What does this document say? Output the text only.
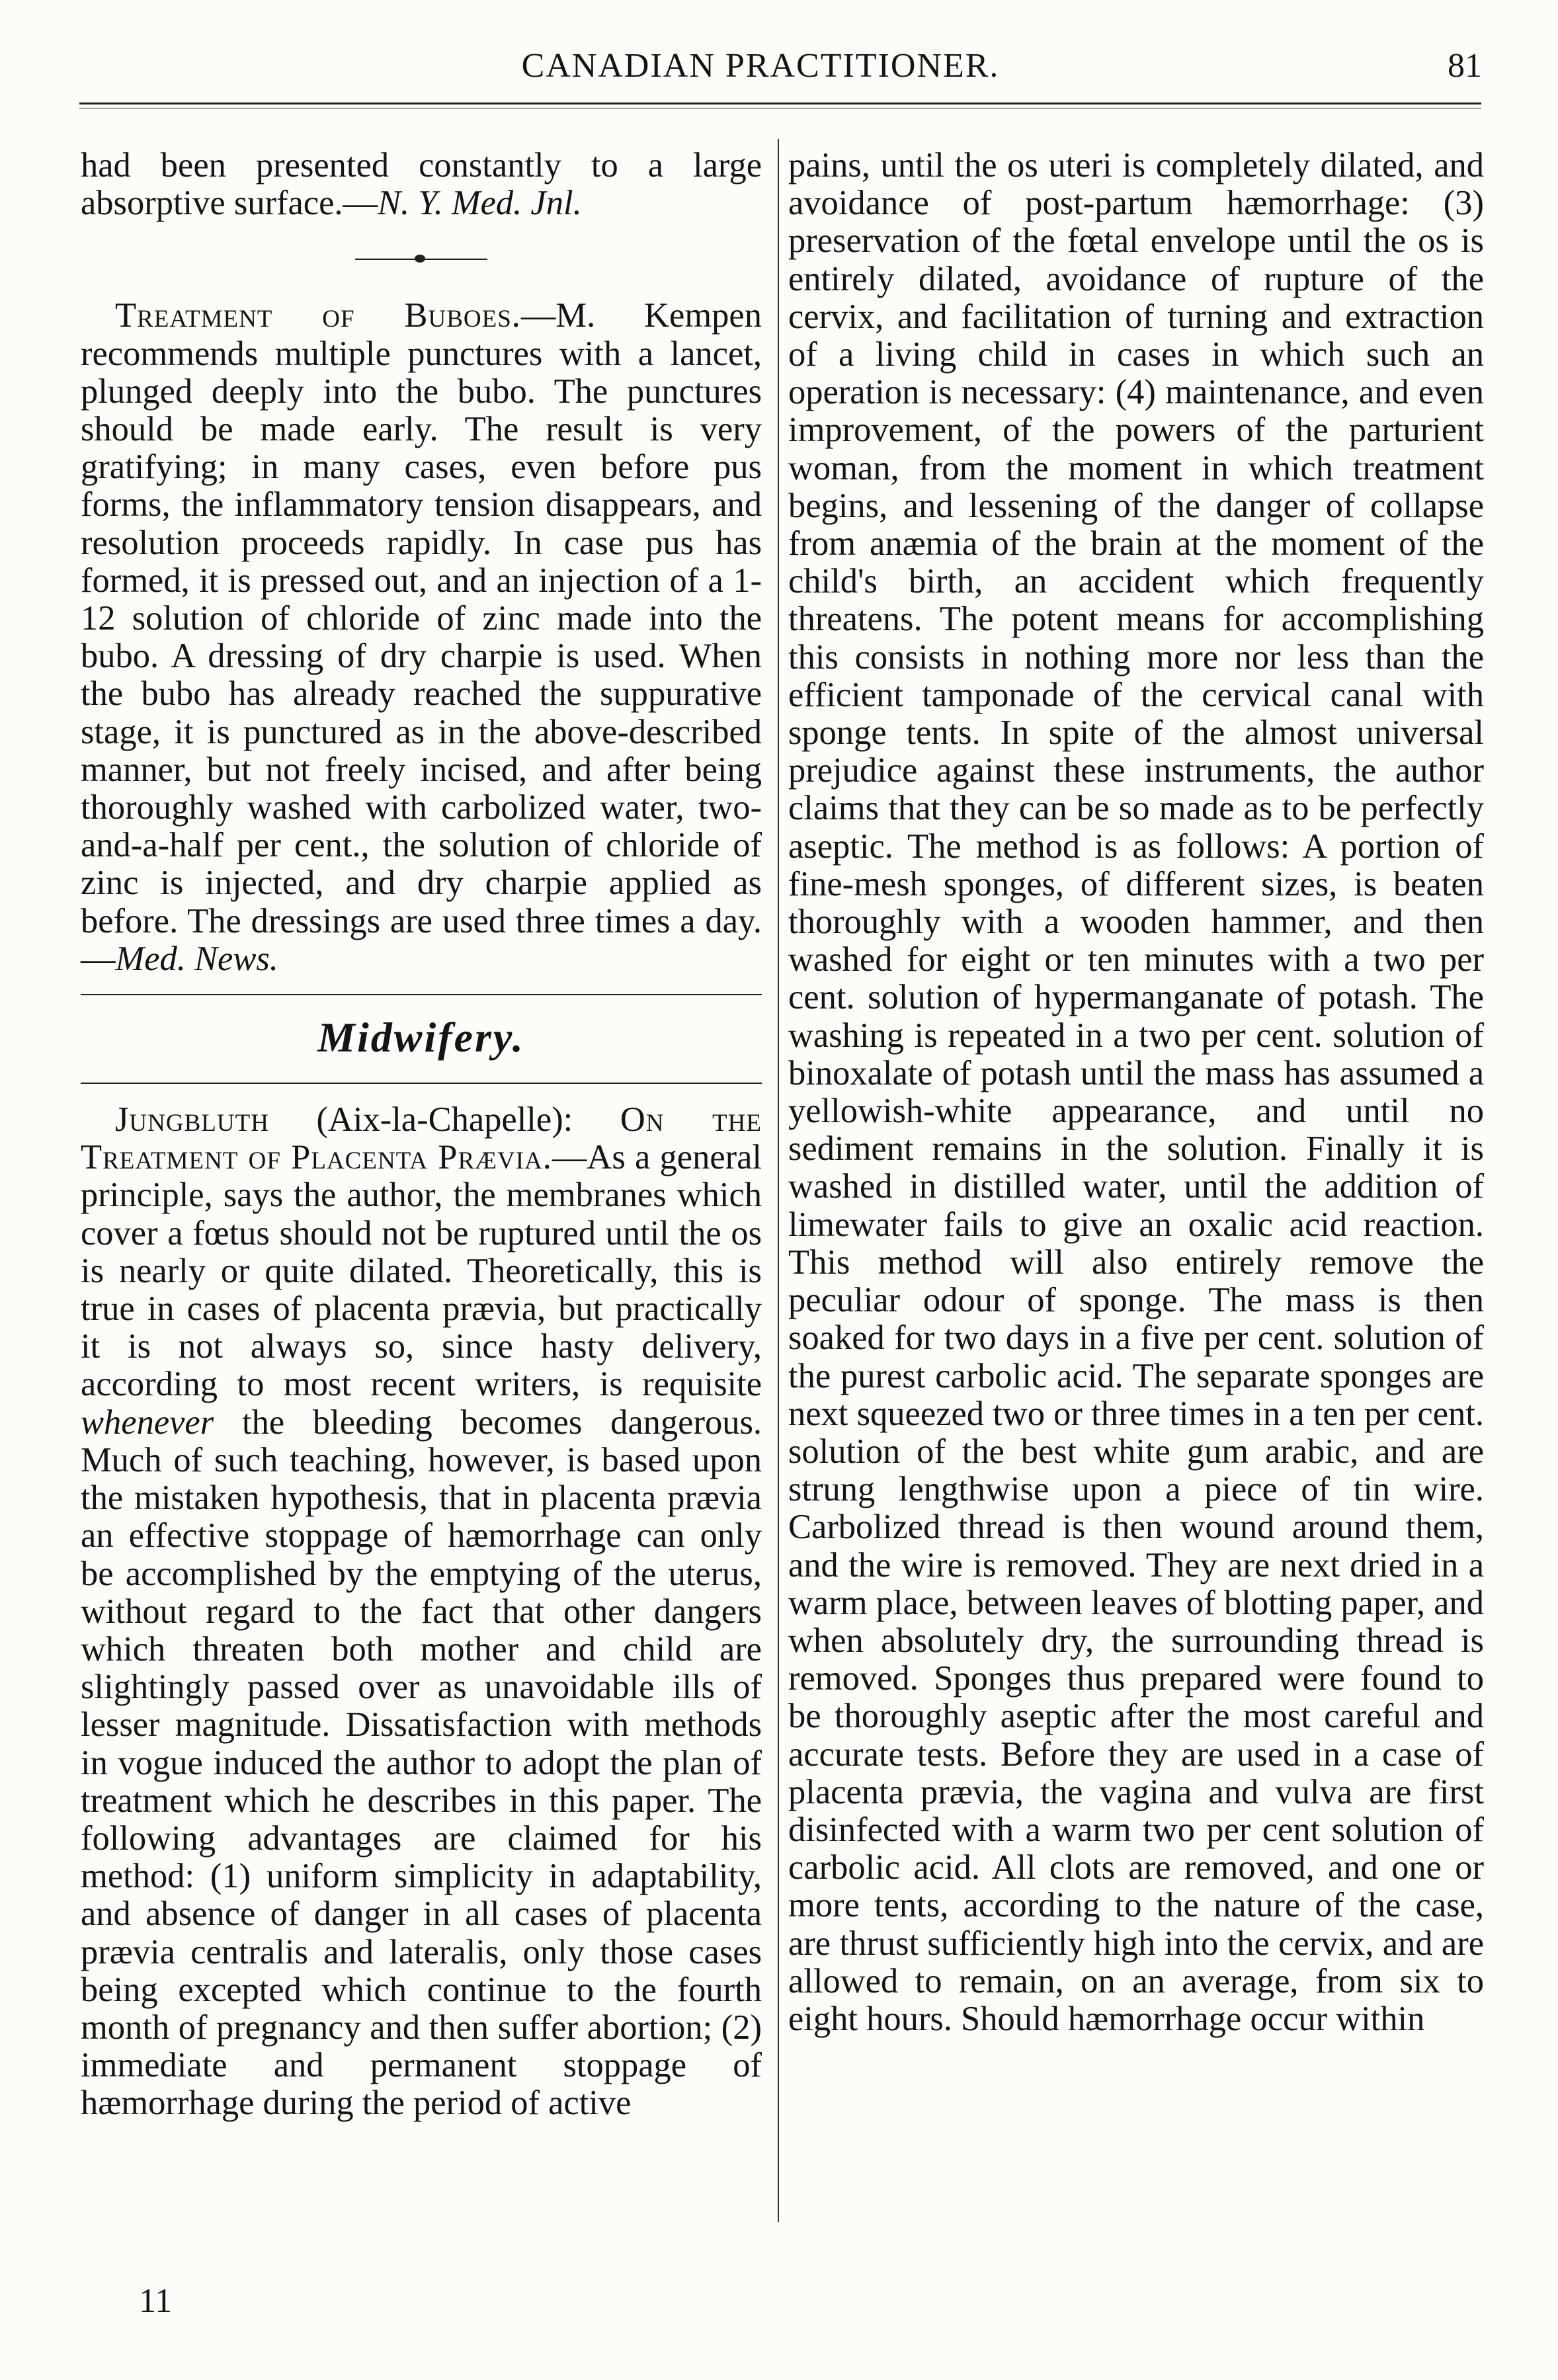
CANADIAN PRACTITIONER.	81

had been presented constantly to a large absorptive surface.—N. Y. Med. Jnl.

Treatment of Buboes.—M. Kempen recommends multiple punctures with a lancet, plunged deeply into the bubo. The punctures should be made early. The result is very gratifying; in many cases, even before pus forms, the inflammatory tension disappears, and resolution proceeds rapidly. In case pus has formed, it is pressed out, and an injection of a 1-12 solution of chloride of zinc made into the bubo. A dressing of dry charpie is used. When the bubo has already reached the suppurative stage, it is punctured as in the above-described manner, but not freely incised, and after being thoroughly washed with carbolized water, two-and-a-half per cent., the solution of chloride of zinc is injected, and dry charpie applied as before. The dressings are used three times a day.—Med. News.

Midwifery.

Jungbluth (Aix-la-Chapelle): On the Treatment of Placenta Prævia.—As a general principle, says the author, the membranes which cover a fœtus should not be ruptured until the os is nearly or quite dilated. Theoretically, this is true in cases of placenta prævia, but practically it is not always so, since hasty delivery, according to most recent writers, is requisite whenever the bleeding becomes dangerous. Much of such teaching, however, is based upon the mistaken hypothesis, that in placenta prævia an effective stoppage of hæmorrhage can only be accomplished by the emptying of the uterus, without regard to the fact that other dangers which threaten both mother and child are slightingly passed over as unavoidable ills of lesser magnitude. Dissatisfaction with methods in vogue induced the author to adopt the plan of treatment which he describes in this paper. The following advantages are claimed for his method: (1) uniform simplicity in adaptability, and absence of danger in all cases of placenta prævia centralis and lateralis, only those cases being excepted which continue to the fourth month of pregnancy and then suffer abortion; (2) immediate and permanent stoppage of hæmorrhage during the period of active

11

pains, until the os uteri is completely dilated, and avoidance of post-partum hæmorrhage: (3) preservation of the fœtal envelope until the os is entirely dilated, avoidance of rupture of the cervix, and facilitation of turning and extraction of a living child in cases in which such an operation is necessary: (4) maintenance, and even improvement, of the powers of the parturient woman, from the moment in which treatment begins, and lessening of the danger of collapse from anæmia of the brain at the moment of the child's birth, an accident which frequently threatens. The potent means for accomplishing this consists in nothing more nor less than the efficient tamponade of the cervical canal with sponge tents. In spite of the almost universal prejudice against these instruments, the author claims that they can be so made as to be perfectly aseptic. The method is as follows: A portion of fine-mesh sponges, of different sizes, is beaten thoroughly with a wooden hammer, and then washed for eight or ten minutes with a two per cent. solution of hypermanganate of potash. The washing is repeated in a two per cent. solution of binoxalate of potash until the mass has assumed a yellowish-white appearance, and until no sediment remains in the solution. Finally it is washed in distilled water, until the addition of limewater fails to give an oxalic acid reaction. This method will also entirely remove the peculiar odour of sponge. The mass is then soaked for two days in a five per cent. solution of the purest carbolic acid. The separate sponges are next squeezed two or three times in a ten per cent. solution of the best white gum arabic, and are strung lengthwise upon a piece of tin wire. Carbolized thread is then wound around them, and the wire is removed. They are next dried in a warm place, between leaves of blotting paper, and when absolutely dry, the surrounding thread is removed. Sponges thus prepared were found to be thoroughly aseptic after the most careful and accurate tests. Before they are used in a case of placenta prævia, the vagina and vulva are first disinfected with a warm two per cent solution of carbolic acid. All clots are removed, and one or more tents, according to the nature of the case, are thrust sufficiently high into the cervix, and are allowed to remain, on an average, from six to eight hours. Should hæmorrhage occur within
